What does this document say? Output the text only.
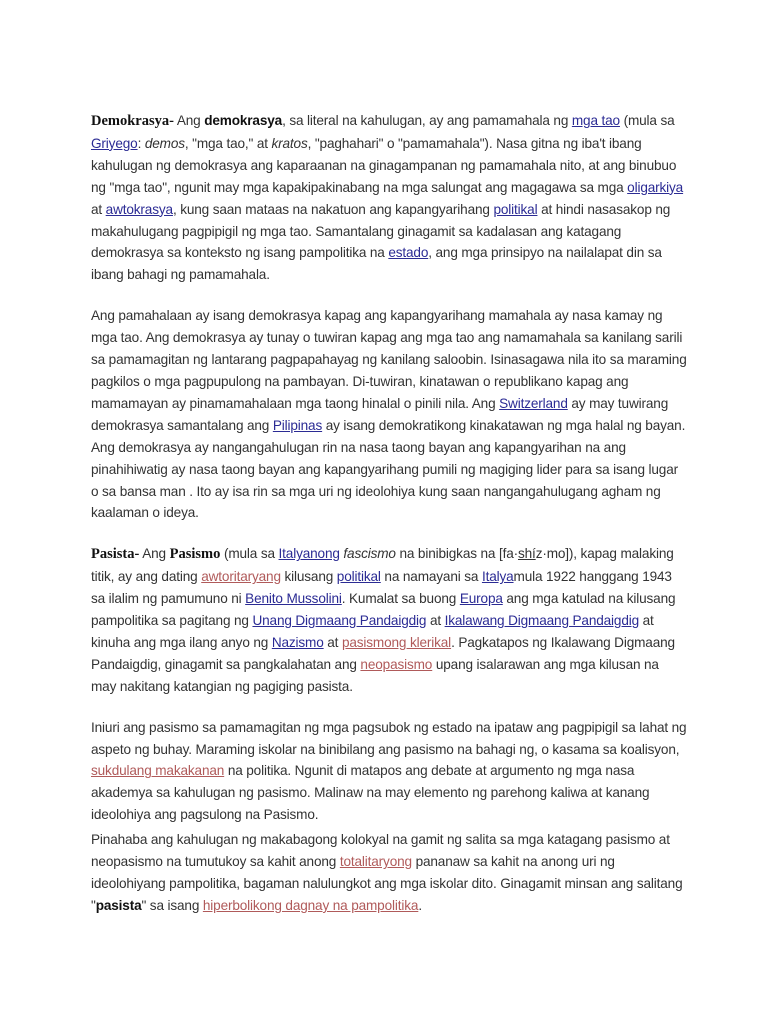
Demokrasya- Ang demokrasya, sa literal na kahulugan, ay ang pamamahala ng mga tao (mula sa Griyego: demos, "mga tao," at kratos, "paghahari" o "pamamahala"). Nasa gitna ng iba't ibang kahulugan ng demokrasya ang kaparaanan na ginagampanan ng pamamahala nito, at ang binubuo ng "mga tao", ngunit may mga kapakipakinabang na mga salungat ang magagawa sa mga oligarkiya at awtokrasya, kung saan mataas na nakatuon ang kapangyarihang politikal at hindi nasasakop ng makahulugang pagpipigil ng mga tao. Samantalang ginagamit sa kadalasan ang katagang demokrasya sa konteksto ng isang pampolitika na estado, ang mga prinsipyo na nailalapat din sa ibang bahagi ng pamamahala.

Ang pamahalaan ay isang demokrasya kapag ang kapangyarihang mamahala ay nasa kamay ng mga tao. Ang demokrasya ay tunay o tuwiran kapag ang mga tao ang namamahala sa kanilang sarili sa pamamagitan ng lantarang pagpapahayag ng kanilang saloobin. Isinasagawa nila ito sa maraming pagkilos o mga pagpupulong na pambayan. Di-tuwiran, kinatawan o republikano kapag ang mamamayan ay pinamamahalaan mga taong hinalal o pinili nila. Ang Switzerland ay may tuwirang demokrasya samantalang ang Pilipinas ay isang demokratikong kinakatawan ng mga halal ng bayan. Ang demokrasya ay nangangahulugan rin na nasa taong bayan ang kapangyarihan na ang pinahihiwatig ay nasa taong bayan ang kapangyarihang pumili ng magiging lider para sa isang lugar o sa bansa man . Ito ay isa rin sa mga uri ng ideolohiya kung saan nangangahulugang agham ng kaalaman o ideya.

Pasista- Ang Pasismo (mula sa Italyanong fascismo na binibigkas na [fa·shíz·mo]), kapag malaking titik, ay ang dating awtoritaryang kilusang politikal na namayani sa Italyamula 1922 hanggang 1943 sa ilalim ng pamumuno ni Benito Mussolini. Kumalat sa buong Europa ang mga katulad na kilusang pampolitika sa pagitang ng Unang Digmaang Pandaigdig at Ikalawang Digmaang Pandaigdig at kinuha ang mga ilang anyo ng Nazismo at pasismong klerikal. Pagkatapos ng Ikalawang Digmaang Pandaigdig, ginagamit sa pangkalahatan ang neopasismo upang isalarawan ang mga kilusan na may nakitang katangian ng pagiging pasista.

Iniuri ang pasismo sa pamamagitan ng mga pagsubok ng estado na ipataw ang pagpipigil sa lahat ng aspeto ng buhay. Maraming iskolar na binibilang ang pasismo na bahagi ng, o kasama sa koalisyon, sukdulang makakanan na politika. Ngunit di matapos ang debate at argumento ng mga nasa akademya sa kahulugan ng pasismo. Malinaw na may elemento ng parehong kaliwa at kanang ideolohiya ang pagsulong na Pasismo.

Pinahaba ang kahulugan ng makabagong kolokyal na gamit ng salita sa mga katagang pasismo at neopasismo na tumutukoy sa kahit anong totalitaryong pananaw sa kahit na anong uri ng ideolohiyang pampolitika, bagaman nalulungkot ang mga iskolar dito. Ginagamit minsan ang salitang "pasista" sa isang hiperbolikong dagnay na pampolitika.
